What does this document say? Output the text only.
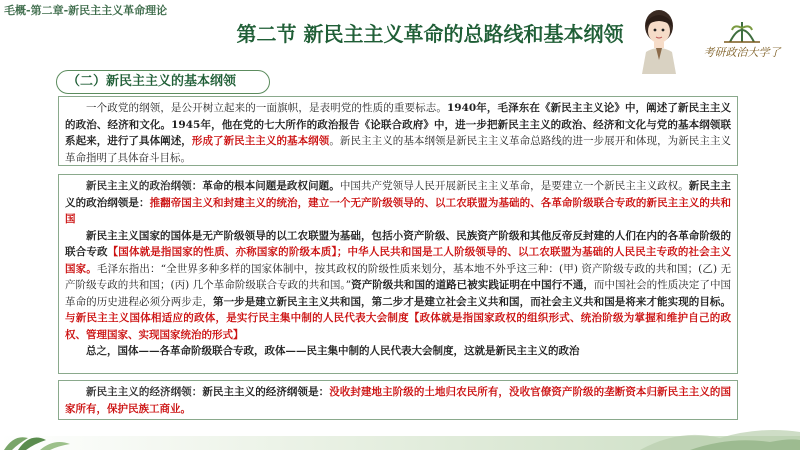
毛概-第二章-新民主主义革命理论
第二节 新民主主义革命的总路线和基本纲领
考研政治大学了
（二）新民主主义的基本纲领

一个政党的纲领，是公开树立起来的一面旗帜，是表明党的性质的重要标志。1940年，毛泽东在《新民主主义论》中，阐述了新民主主义的政治、经济和文化。1945年，他在党的七大所作的政治报告《论联合政府》中，进一步把新民主主义的政治、经济和文化与党的基本纲领联系起来，进行了具体阐述，形成了新民主主义的基本纲领。新民主主义的基本纲领是新民主主义革命总路线的进一步展开和体现，为新民主主义革命指明了具体奋斗目标。

新民主主义的政治纲领：革命的根本问题是政权问题。中国共产党领导人民开展新民主主义革命，是要建立一个新民主主义政权。新民主主义的政治纲领是：推翻帝国主义和封建主义的统治，建立一个无产阶级领导的、以工农联盟为基础的、各革命阶级联合专政的新民主主义的共和国

新民主主义国家的国体是无产阶级领导的以工农联盟为基础，包括小资产阶级、民族资产阶级和其他反帝反封建的人们在内的各革命阶级的联合专政【国体就是指国家的性质、亦称国家的阶级本质】；中华人民共和国是工人阶级领导的、以工农联盟为基础的人民民主专政的社会主义国家。毛泽东指出：“全世界多种多样的国家体制中，按其政权的阶级性质来划分，基本地不外乎这三种：(甲) 资产阶级专政的共和国；(乙) 无产阶级专政的共和国；(丙) 几个革命阶级联合专政的共和国。”资产阶级共和国的道路已被实践证明在中国行不通，而中国社会的性质决定了中国革命的历史进程必须分两步走，第一步是建立新民主主义共和国，第二步才是建立社会主义共和国，而社会主义共和国是将来才能实现的目标。与新民主主义国体相适应的政体，是实行民主集中制的人民代表大会制度【政体就是指国家政权的组织形式、统治阶级为掌握和维护自己的政权、管理国家、实现国家统治的形式】

总之，国体——各革命阶级联合专政，政体——民主集中制的人民代表大会制度，这就是新民主主义的政治

新民主主义的经济纲领：新民主主义的经济纲领是：没收封建地主阶级的土地归农民所有，没收官僚资产阶级的垄断资本归新民主主义的国家所有，保护民族工商业。
